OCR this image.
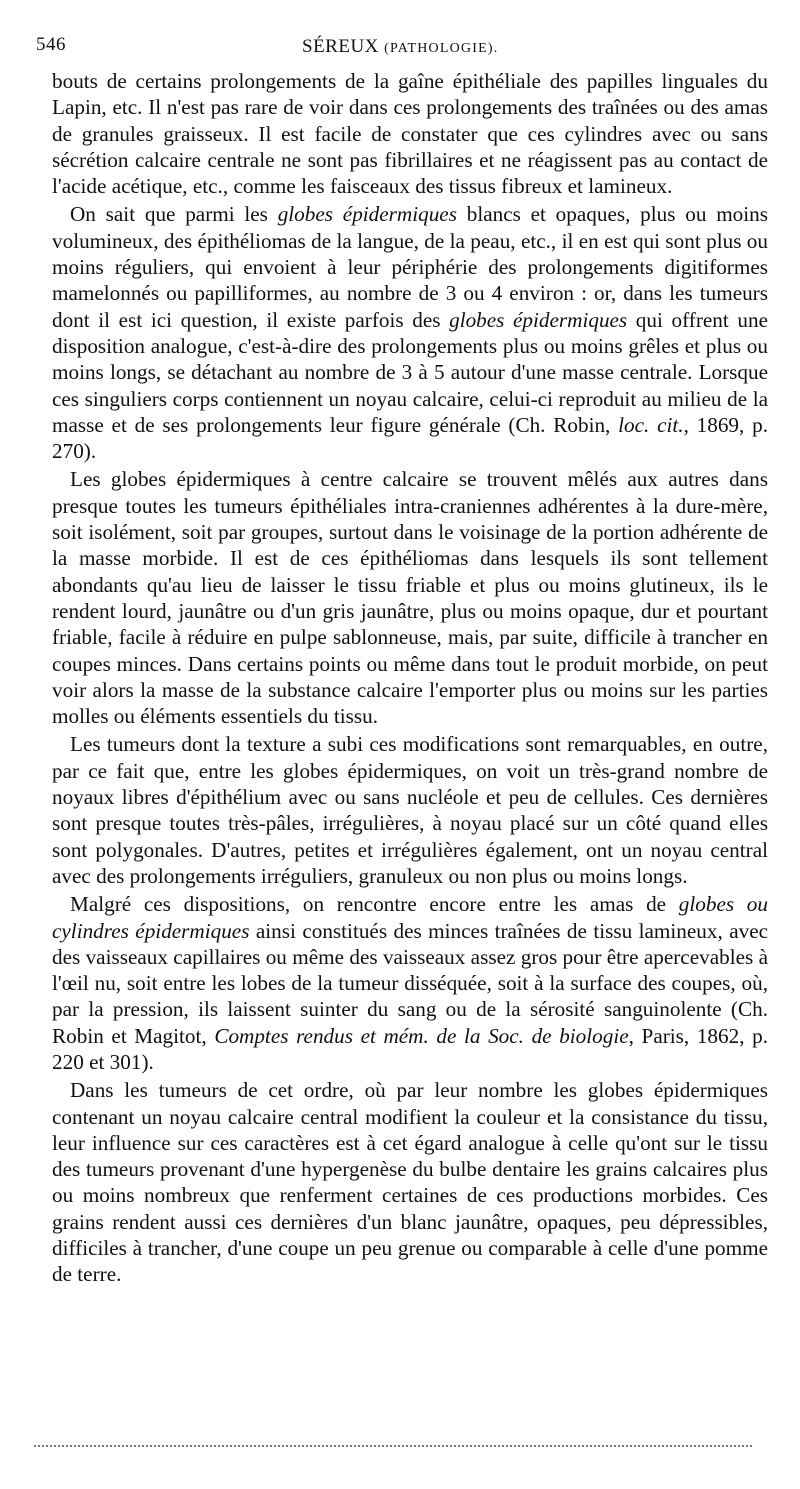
546	SÉREUX (PATHOLOGIE).

bouts de certains prolongements de la gaîne épithéliale des papilles linguales du Lapin, etc. Il n'est pas rare de voir dans ces prolongements des traînées ou des amas de granules graisseux. Il est facile de constater que ces cylindres avec ou sans sécrétion calcaire centrale ne sont pas fibrillaires et ne réagissent pas au contact de l'acide acétique, etc., comme les faisceaux des tissus fibreux et lamineux.

On sait que parmi les globes épidermiques blancs et opaques, plus ou moins volumineux, des épithéliomas de la langue, de la peau, etc., il en est qui sont plus ou moins réguliers, qui envoient à leur périphérie des prolongements digitiformes mamelonnés ou papilliformes, au nombre de 3 ou 4 environ : or, dans les tumeurs dont il est ici question, il existe parfois des globes épidermiques qui offrent une disposition analogue, c'est-à-dire des prolongements plus ou moins grêles et plus ou moins longs, se détachant au nombre de 3 à 5 autour d'une masse centrale. Lorsque ces singuliers corps contiennent un noyau calcaire, celui-ci reproduit au milieu de la masse et de ses prolongements leur figure générale (Ch. Robin, loc. cit., 1869, p. 270).

Les globes épidermiques à centre calcaire se trouvent mêlés aux autres dans presque toutes les tumeurs épithéliales intra-craniennes adhérentes à la dure-mère, soit isolément, soit par groupes, surtout dans le voisinage de la portion adhérente de la masse morbide. Il est de ces épithéliomas dans lesquels ils sont tellement abondants qu'au lieu de laisser le tissu friable et plus ou moins glutineux, ils le rendent lourd, jaunâtre ou d'un gris jaunâtre, plus ou moins opaque, dur et pourtant friable, facile à réduire en pulpe sablonneuse, mais, par suite, difficile à trancher en coupes minces. Dans certains points ou même dans tout le produit morbide, on peut voir alors la masse de la substance calcaire l'emporter plus ou moins sur les parties molles ou éléments essentiels du tissu.

Les tumeurs dont la texture a subi ces modifications sont remarquables, en outre, par ce fait que, entre les globes épidermiques, on voit un très-grand nombre de noyaux libres d'épithélium avec ou sans nucléole et peu de cellules. Ces dernières sont presque toutes très-pâles, irrégulières, à noyau placé sur un côté quand elles sont polygonales. D'autres, petites et irrégulières également, ont un noyau central avec des prolongements irréguliers, granuleux ou non plus ou moins longs.

Malgré ces dispositions, on rencontre encore entre les amas de globes ou cylindres épidermiques ainsi constitués des minces traînées de tissu lamineux, avec des vaisseaux capillaires ou même des vaisseaux assez gros pour être apercevables à l'œil nu, soit entre les lobes de la tumeur disséquée, soit à la surface des coupes, où, par la pression, ils laissent suinter du sang ou de la sérosité sanguinolente (Ch. Robin et Magitot, Comptes rendus et mém. de la Soc. de biologie, Paris, 1862, p. 220 et 301).

Dans les tumeurs de cet ordre, où par leur nombre les globes épidermiques contenant un noyau calcaire central modifient la couleur et la consistance du tissu, leur influence sur ces caractères est à cet égard analogue à celle qu'ont sur le tissu des tumeurs provenant d'une hypergenèse du bulbe dentaire les grains calcaires plus ou moins nombreux que renferment certaines de ces productions morbides. Ces grains rendent aussi ces dernières d'un blanc jaunâtre, opaques, peu dépressibles, difficiles à trancher, d'une coupe un peu grenue ou comparable à celle d'une pomme de terre.
